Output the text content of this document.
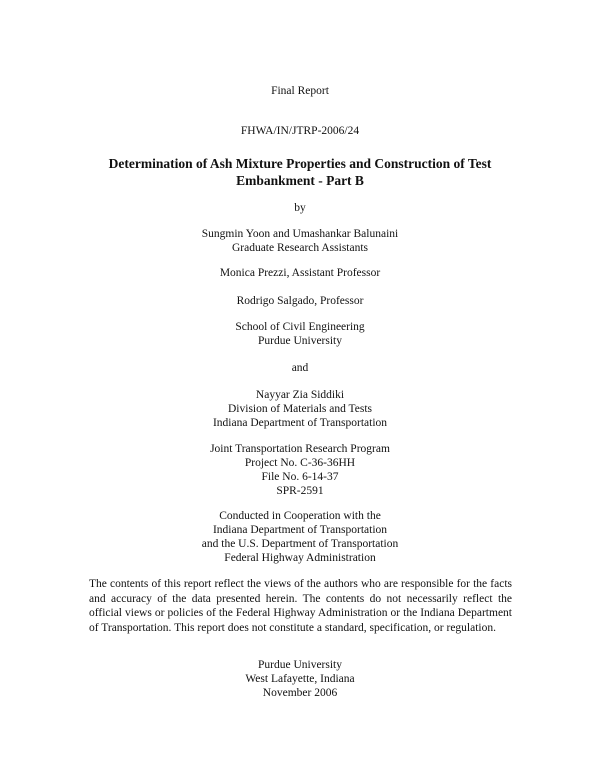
Final Report
FHWA/IN/JTRP-2006/24
Determination of Ash Mixture Properties and Construction of Test
Embankment - Part B
by
Sungmin Yoon and Umashankar Balunaini
Graduate Research Assistants
Monica Prezzi, Assistant Professor
Rodrigo Salgado, Professor
School of Civil Engineering
Purdue University
and
Nayyar Zia Siddiki
Division of Materials and Tests
Indiana Department of Transportation
Joint Transportation Research Program
Project No. C-36-36HH
File No. 6-14-37
SPR-2591
Conducted in Cooperation with the
Indiana Department of Transportation
and the U.S. Department of Transportation
Federal Highway Administration
The contents of this report reflect the views of the authors who are responsible for the facts and accuracy of the data presented herein. The contents do not necessarily reflect the official views or policies of the Federal Highway Administration or the Indiana Department of Transportation. This report does not constitute a standard, specification, or regulation.
Purdue University
West Lafayette, Indiana
November 2006
